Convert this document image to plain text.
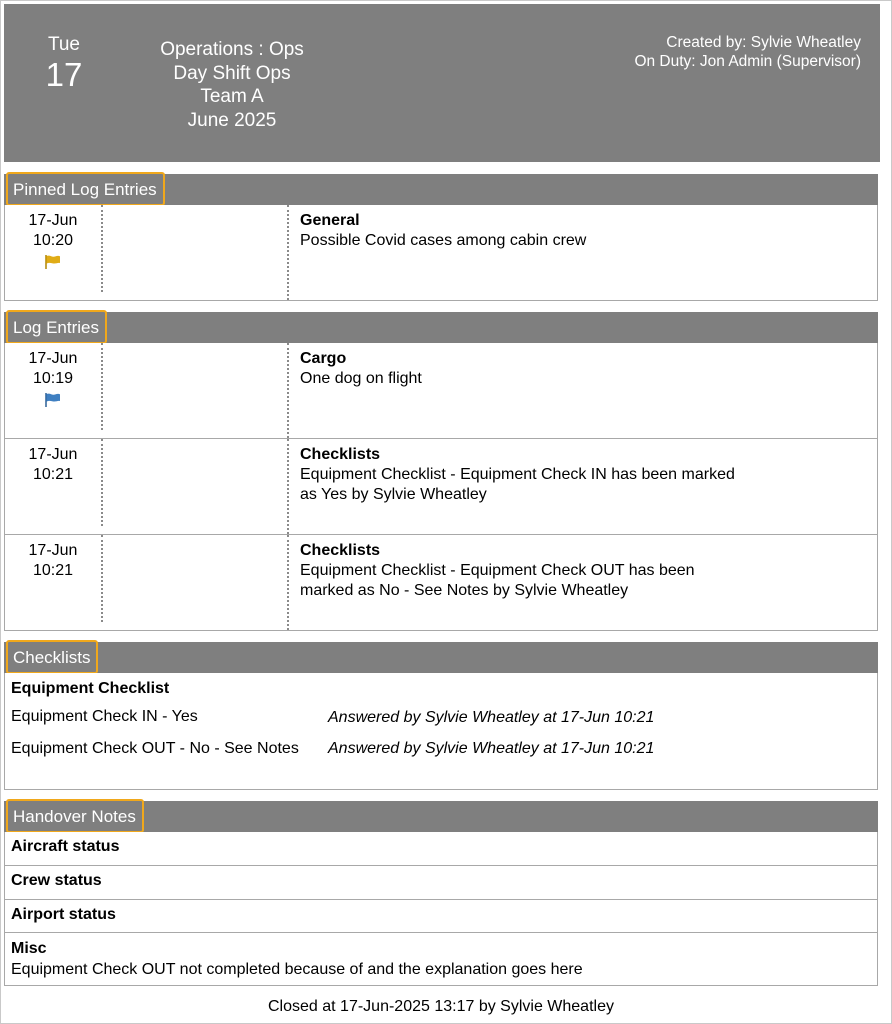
Tue
17
Operations : Ops
Day Shift Ops
Team A
June 2025
Created by: Sylvie Wheatley
On Duty: Jon Admin (Supervisor)
Pinned Log Entries
17-Jun
10:20
General
Possible Covid cases among cabin crew
Log Entries
17-Jun
10:19
Cargo
One dog on flight
17-Jun
10:21
Checklists
Equipment Checklist - Equipment Check IN has been marked as Yes by Sylvie Wheatley
17-Jun
10:21
Checklists
Equipment Checklist - Equipment Check OUT has been marked as No - See Notes by Sylvie Wheatley
Checklists
Equipment Checklist
Equipment Check IN - Yes	Answered by Sylvie Wheatley at 17-Jun 10:21
Equipment Check OUT - No - See Notes Answered by Sylvie Wheatley at 17-Jun 10:21
Handover Notes
Aircraft status
Crew status
Airport status
Misc
Equipment Check OUT not completed because of and the explanation goes here
Closed at 17-Jun-2025 13:17 by Sylvie Wheatley
